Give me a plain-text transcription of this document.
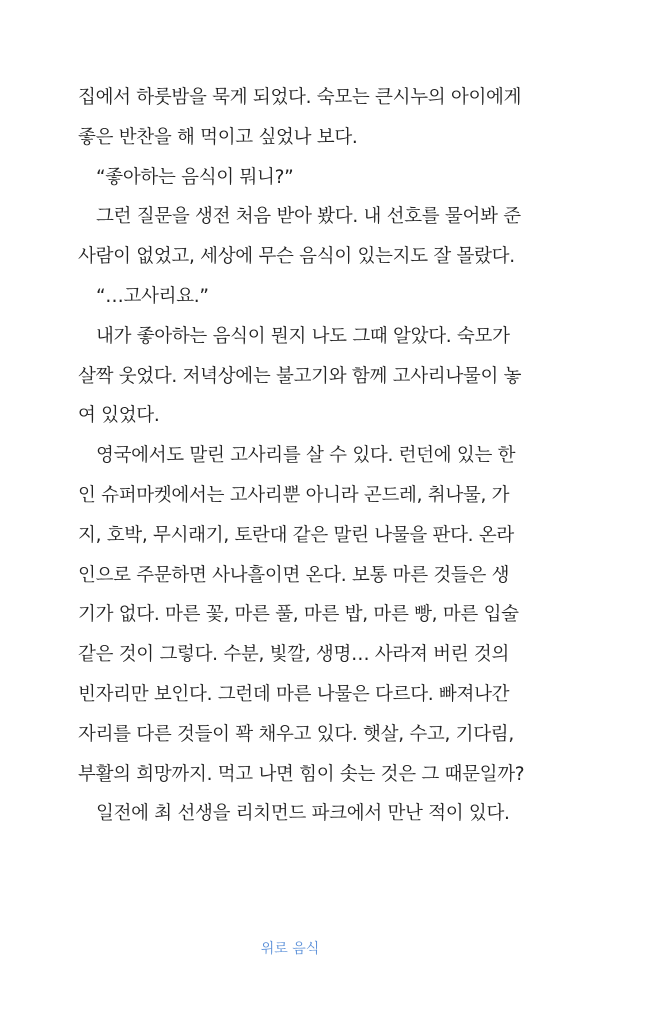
집에서 하룻밤을 묵게 되었다. 숙모는 큰시누의 아이에게
좋은 반찬을 해 먹이고 싶었나 보다.
“좋아하는 음식이 뭐니?”
그런 질문을 생전 처음 받아 봤다. 내 선호를 물어봐 준
사람이 없었고, 세상에 무슨 음식이 있는지도 잘 몰랐다.
“…고사리요.”
내가 좋아하는 음식이 뭔지 나도 그때 알았다. 숙모가
살짝 웃었다. 저녁상에는 불고기와 함께 고사리나물이 놓
여 있었다.
영국에서도 말린 고사리를 살 수 있다. 런던에 있는 한
인 슈퍼마켓에서는 고사리뿐 아니라 곤드레, 취나물, 가
지, 호박, 무시래기, 토란대 같은 말린 나물을 판다. 온라
인으로 주문하면 사나흘이면 온다. 보통 마른 것들은 생
기가 없다. 마른 꽃, 마른 풀, 마른 밥, 마른 빵, 마른 입술
같은 것이 그렇다. 수분, 빛깔, 생명… 사라져 버린 것의
빈자리만 보인다. 그런데 마른 나물은 다르다. 빠져나간
자리를 다른 것들이 꽉 채우고 있다. 햇살, 수고, 기다림,
부활의 희망까지. 먹고 나면 힘이 솟는 것은 그 때문일까?
일전에 최 선생을 리치먼드 파크에서 만난 적이 있다.
위로 음식
